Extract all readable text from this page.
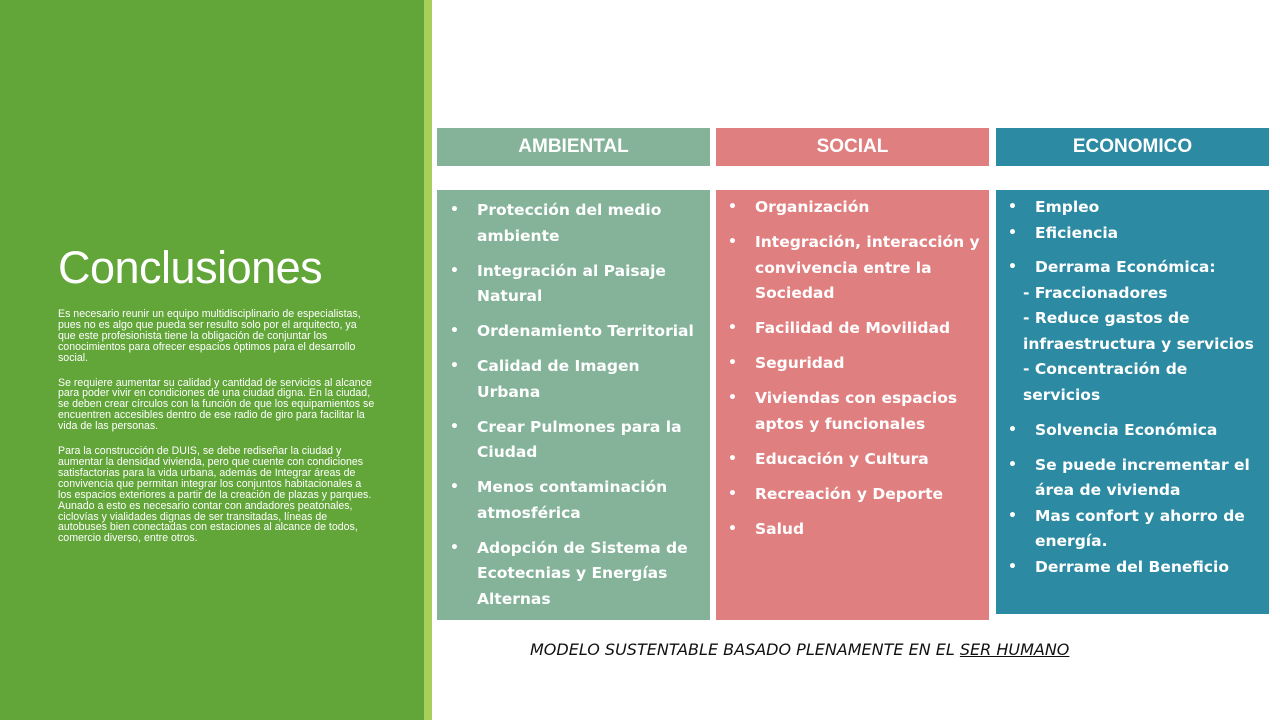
Conclusiones

Es necesario reunir un equipo multidisciplinario de especialistas, pues no es algo que pueda ser resulto solo por el arquitecto, ya que este profesionista tiene la obligación de conjuntar los conocimientos para ofrecer espacios óptimos para el desarrollo social.

Se requiere aumentar su calidad y cantidad de servicios al alcance para poder vivir en condiciones de una ciudad digna. En la ciudad, se deben crear círculos con la función de que los equipamientos se encuentren accesibles dentro de ese radio de giro para facilitar la vida de las personas.

Para la construcción de DUIS, se debe rediseñar la ciudad y aumentar la densidad vivienda, pero que cuente con condiciones satisfactorias para la vida urbana, además de Integrar áreas de convivencia que permitan integrar los conjuntos habitacionales a los espacios exteriores a partir de la creación de plazas y parques. Aunado a esto es necesario contar con andadores peatonales, ciclovías y vialidades dignas de ser transitadas, líneas de autobuses bien conectadas con estaciones al alcance de todos, comercio diverso, entre otros.

AMBIENTAL	SOCIAL	ECONOMICO
• Protección del medio ambiente
• Integración al Paisaje Natural
• Ordenamiento Territorial
• Calidad de Imagen Urbana
• Crear Pulmones para la Ciudad
• Menos contaminación atmosférica
• Adopción de Sistema de Ecotecnias y Energías Alternas
• Organización
• Integración, interacción y convivencia entre la Sociedad
• Facilidad de Movilidad
• Seguridad
• Viviendas con espacios aptos y funcionales
• Educación y Cultura
• Recreación y Deporte
• Salud
• Empleo
• Eficiencia
• Derrama Económica:
- Fraccionadores
- Reduce gastos de infraestructura y servicios
- Concentración de servicios
• Solvencia Económica
• Se puede incrementar el área de vivienda
• Mas confort y ahorro de energía.
• Derrame del Beneficio

MODELO SUSTENTABLE BASADO PLENAMENTE EN EL SER HUMANO
